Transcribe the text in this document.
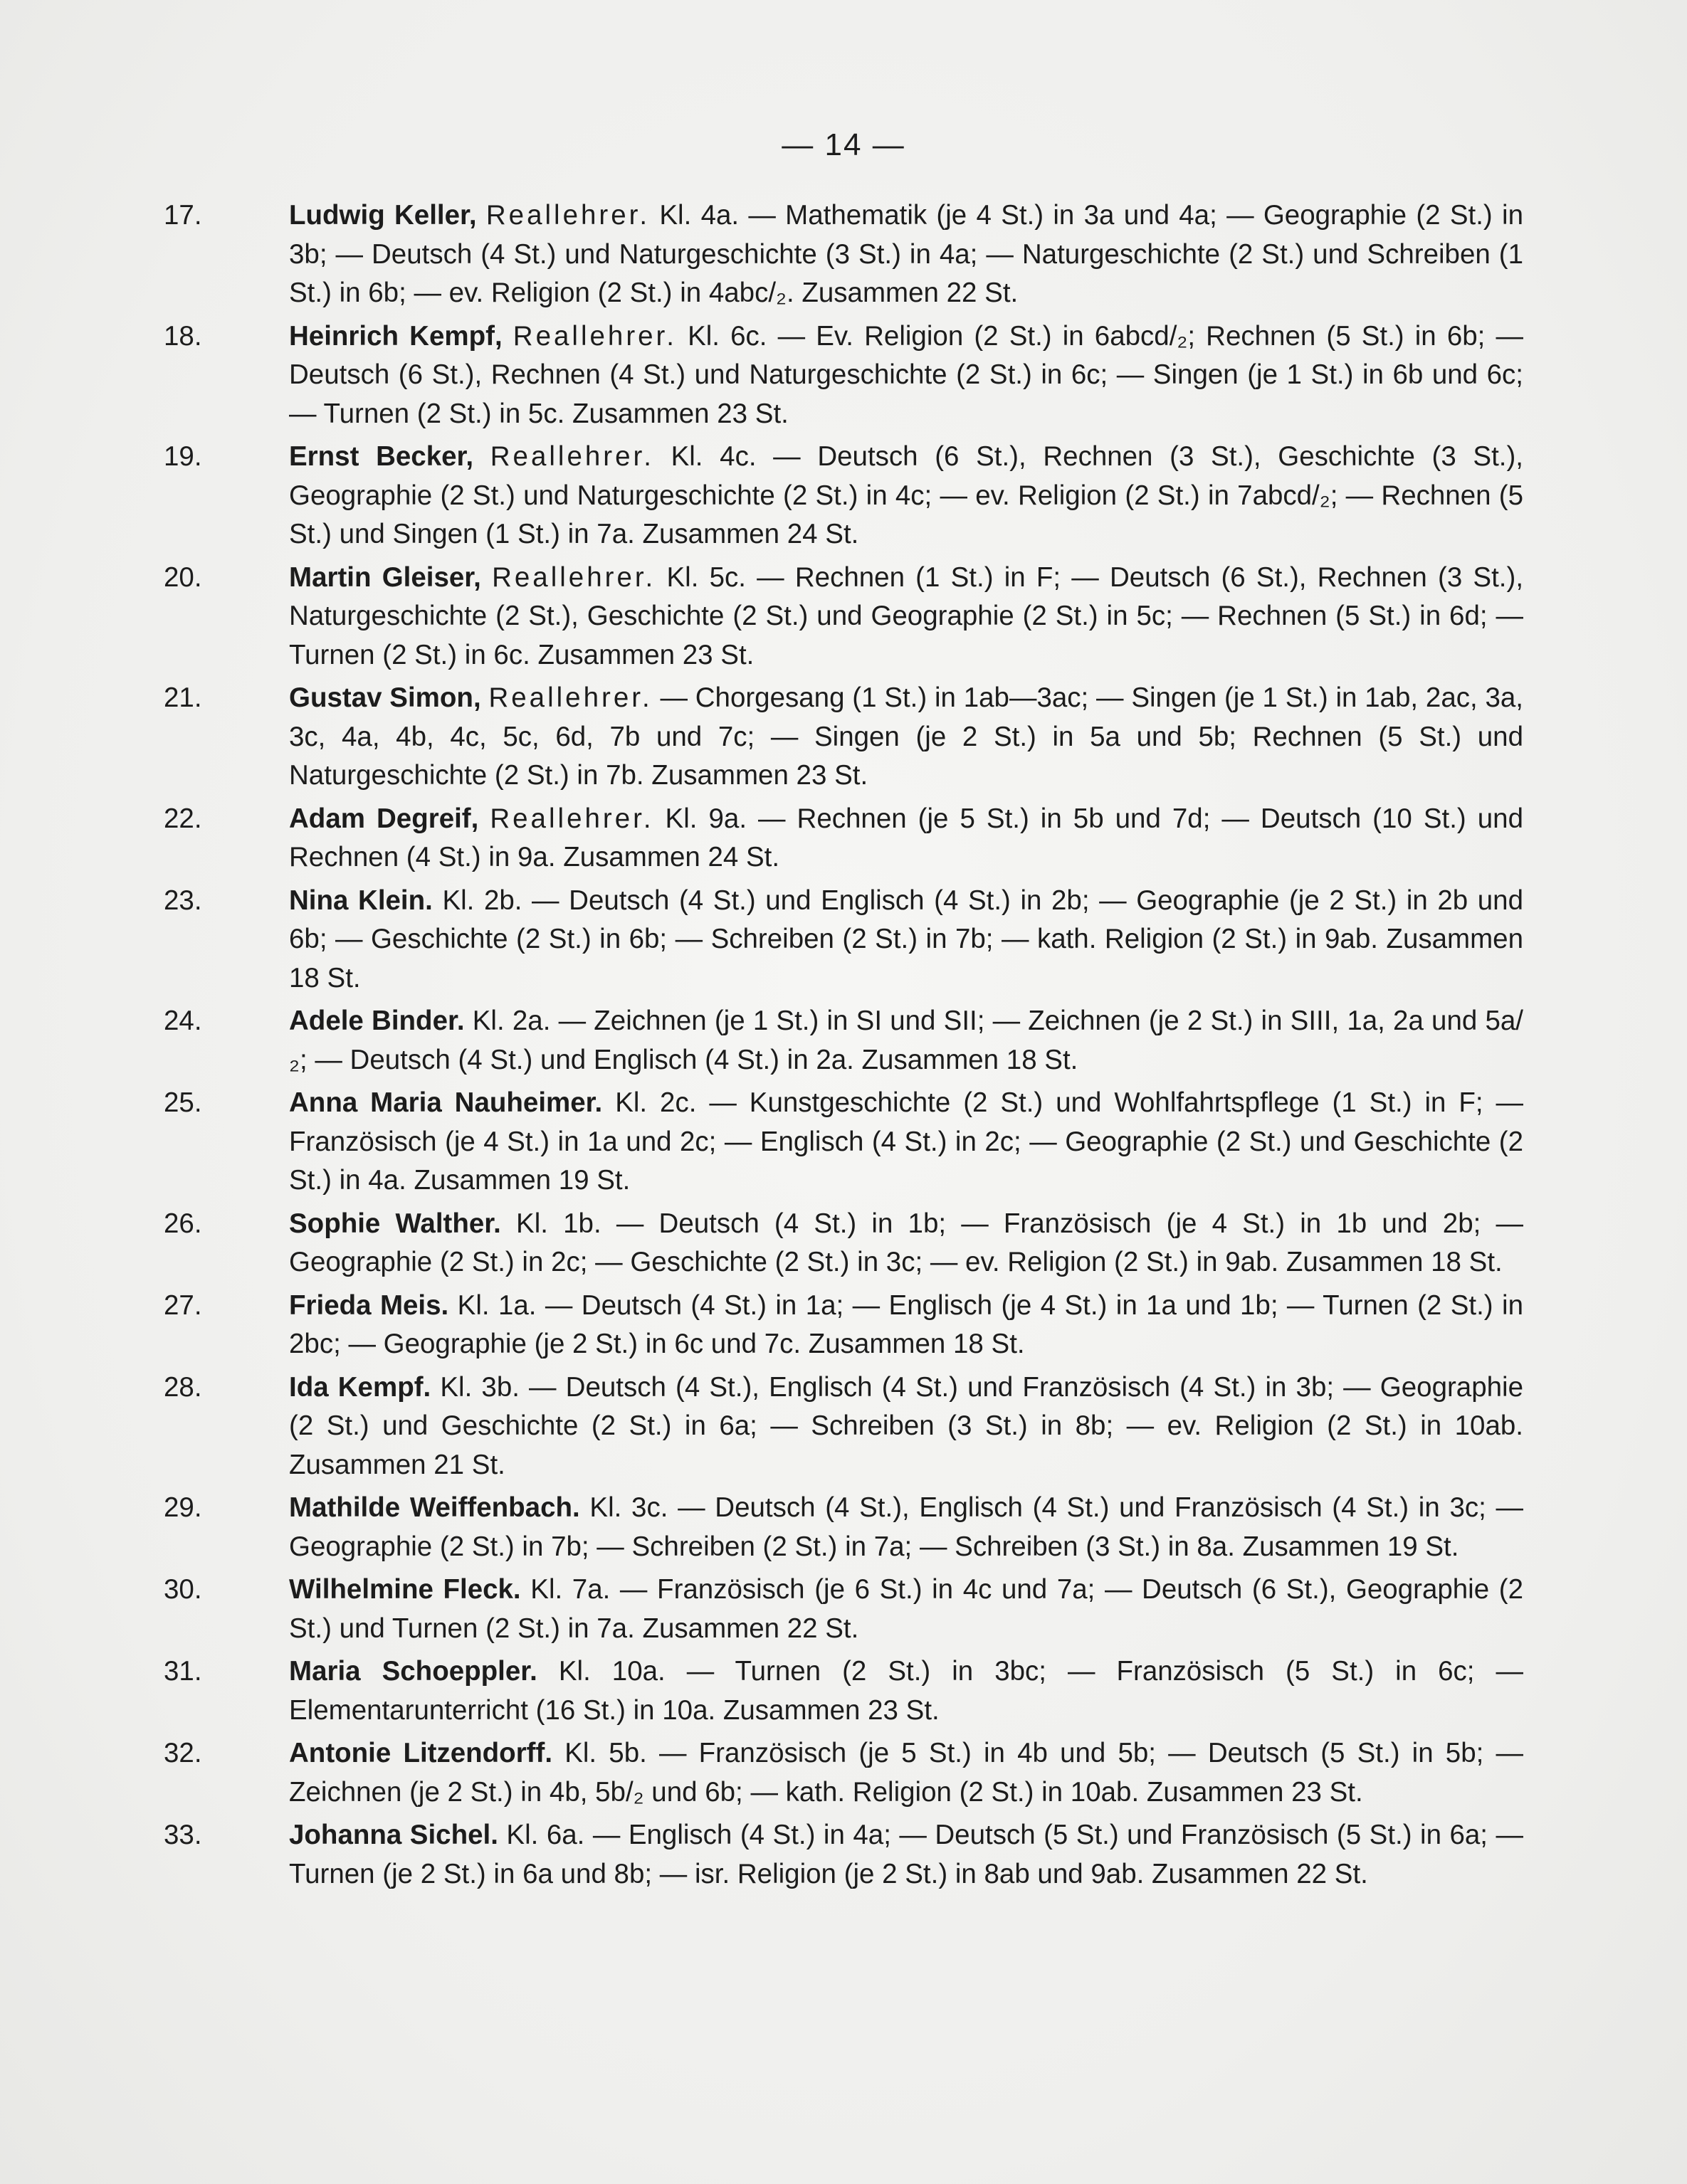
— 14 —
17.	Ludwig Keller, Reallehrer. Kl. 4a. — Mathematik (je 4 St.) in 3a und 4a; — Geographie (2 St.) in 3b; — Deutsch (4 St.) und Naturgeschichte (3 St.) in 4a; — Naturgeschichte (2 St.) und Schreiben (1 St.) in 6b; — ev. Religion (2 St.) in 4abc/₂. Zusammen 22 St.
18.	Heinrich Kempf, Reallehrer. Kl. 6c. — Ev. Religion (2 St.) in 6abcd/₂; Rechnen (5 St.) in 6b; — Deutsch (6 St.), Rechnen (4 St.) und Naturgeschichte (2 St.) in 6c; — Singen (je 1 St.) in 6b und 6c; — Turnen (2 St.) in 5c. Zusammen 23 St.
19.	Ernst Becker, Reallehrer. Kl. 4c. — Deutsch (6 St.), Rechnen (3 St.), Geschichte (3 St.), Geographie (2 St.) und Naturgeschichte (2 St.) in 4c; — ev. Religion (2 St.) in 7abcd/₂; — Rechnen (5 St.) und Singen (1 St.) in 7a. Zusammen 24 St.
20.	Martin Gleiser, Reallehrer. Kl. 5c. — Rechnen (1 St.) in F; — Deutsch (6 St.), Rechnen (3 St.), Naturgeschichte (2 St.), Geschichte (2 St.) und Geographie (2 St.) in 5c; — Rechnen (5 St.) in 6d; — Turnen (2 St.) in 6c. Zusammen 23 St.
21.	Gustav Simon, Reallehrer. — Chorgesang (1 St.) in 1ab—3ac; — Singen (je 1 St.) in 1ab, 2ac, 3a, 3c, 4a, 4b, 4c, 5c, 6d, 7b und 7c; — Singen (je 2 St.) in 5a und 5b; Rechnen (5 St.) und Naturgeschichte (2 St.) in 7b. Zusammen 23 St.
22.	Adam Degreif, Reallehrer. Kl. 9a. — Rechnen (je 5 St.) in 5b und 7d; — Deutsch (10 St.) und Rechnen (4 St.) in 9a. Zusammen 24 St.
23.	Nina Klein. Kl. 2b. — Deutsch (4 St.) und Englisch (4 St.) in 2b; — Geographie (je 2 St.) in 2b und 6b; — Geschichte (2 St.) in 6b; — Schreiben (2 St.) in 7b; — kath. Religion (2 St.) in 9ab. Zusammen 18 St.
24.	Adele Binder. Kl. 2a. — Zeichnen (je 1 St.) in SI und SII; — Zeichnen (je 2 St.) in SIII, 1a, 2a und 5a/₂; — Deutsch (4 St.) und Englisch (4 St.) in 2a. Zusammen 18 St.
25.	Anna Maria Nauheimer. Kl. 2c. — Kunstgeschichte (2 St.) und Wohlfahrtspflege (1 St.) in F; — Französisch (je 4 St.) in 1a und 2c; — Englisch (4 St.) in 2c; — Geographie (2 St.) und Geschichte (2 St.) in 4a. Zusammen 19 St.
26.	Sophie Walther. Kl. 1b. — Deutsch (4 St.) in 1b; — Französisch (je 4 St.) in 1b und 2b; — Geographie (2 St.) in 2c; — Geschichte (2 St.) in 3c; — ev. Religion (2 St.) in 9ab. Zusammen 18 St.
27.	Frieda Meis. Kl. 1a. — Deutsch (4 St.) in 1a; — Englisch (je 4 St.) in 1a und 1b; — Turnen (2 St.) in 2bc; — Geographie (je 2 St.) in 6c und 7c. Zusammen 18 St.
28.	Ida Kempf. Kl. 3b. — Deutsch (4 St.), Englisch (4 St.) und Französisch (4 St.) in 3b; — Geographie (2 St.) und Geschichte (2 St.) in 6a; — Schreiben (3 St.) in 8b; — ev. Religion (2 St.) in 10ab. Zusammen 21 St.
29.	Mathilde Weiffenbach. Kl. 3c. — Deutsch (4 St.), Englisch (4 St.) und Französisch (4 St.) in 3c; — Geographie (2 St.) in 7b; — Schreiben (2 St.) in 7a; — Schreiben (3 St.) in 8a. Zusammen 19 St.
30.	Wilhelmine Fleck. Kl. 7a. — Französisch (je 6 St.) in 4c und 7a; — Deutsch (6 St.), Geographie (2 St.) und Turnen (2 St.) in 7a. Zusammen 22 St.
31.	Maria Schoeppler. Kl. 10a. — Turnen (2 St.) in 3bc; — Französisch (5 St.) in 6c; — Elementarunterricht (16 St.) in 10a. Zusammen 23 St.
32.	Antonie Litzendorff. Kl. 5b. — Französisch (je 5 St.) in 4b und 5b; — Deutsch (5 St.) in 5b; — Zeichnen (je 2 St.) in 4b, 5b/₂ und 6b; — kath. Religion (2 St.) in 10ab. Zusammen 23 St.
33.	Johanna Sichel. Kl. 6a. — Englisch (4 St.) in 4a; — Deutsch (5 St.) und Französisch (5 St.) in 6a; — Turnen (je 2 St.) in 6a und 8b; — isr. Religion (je 2 St.) in 8ab und 9ab. Zusammen 22 St.
